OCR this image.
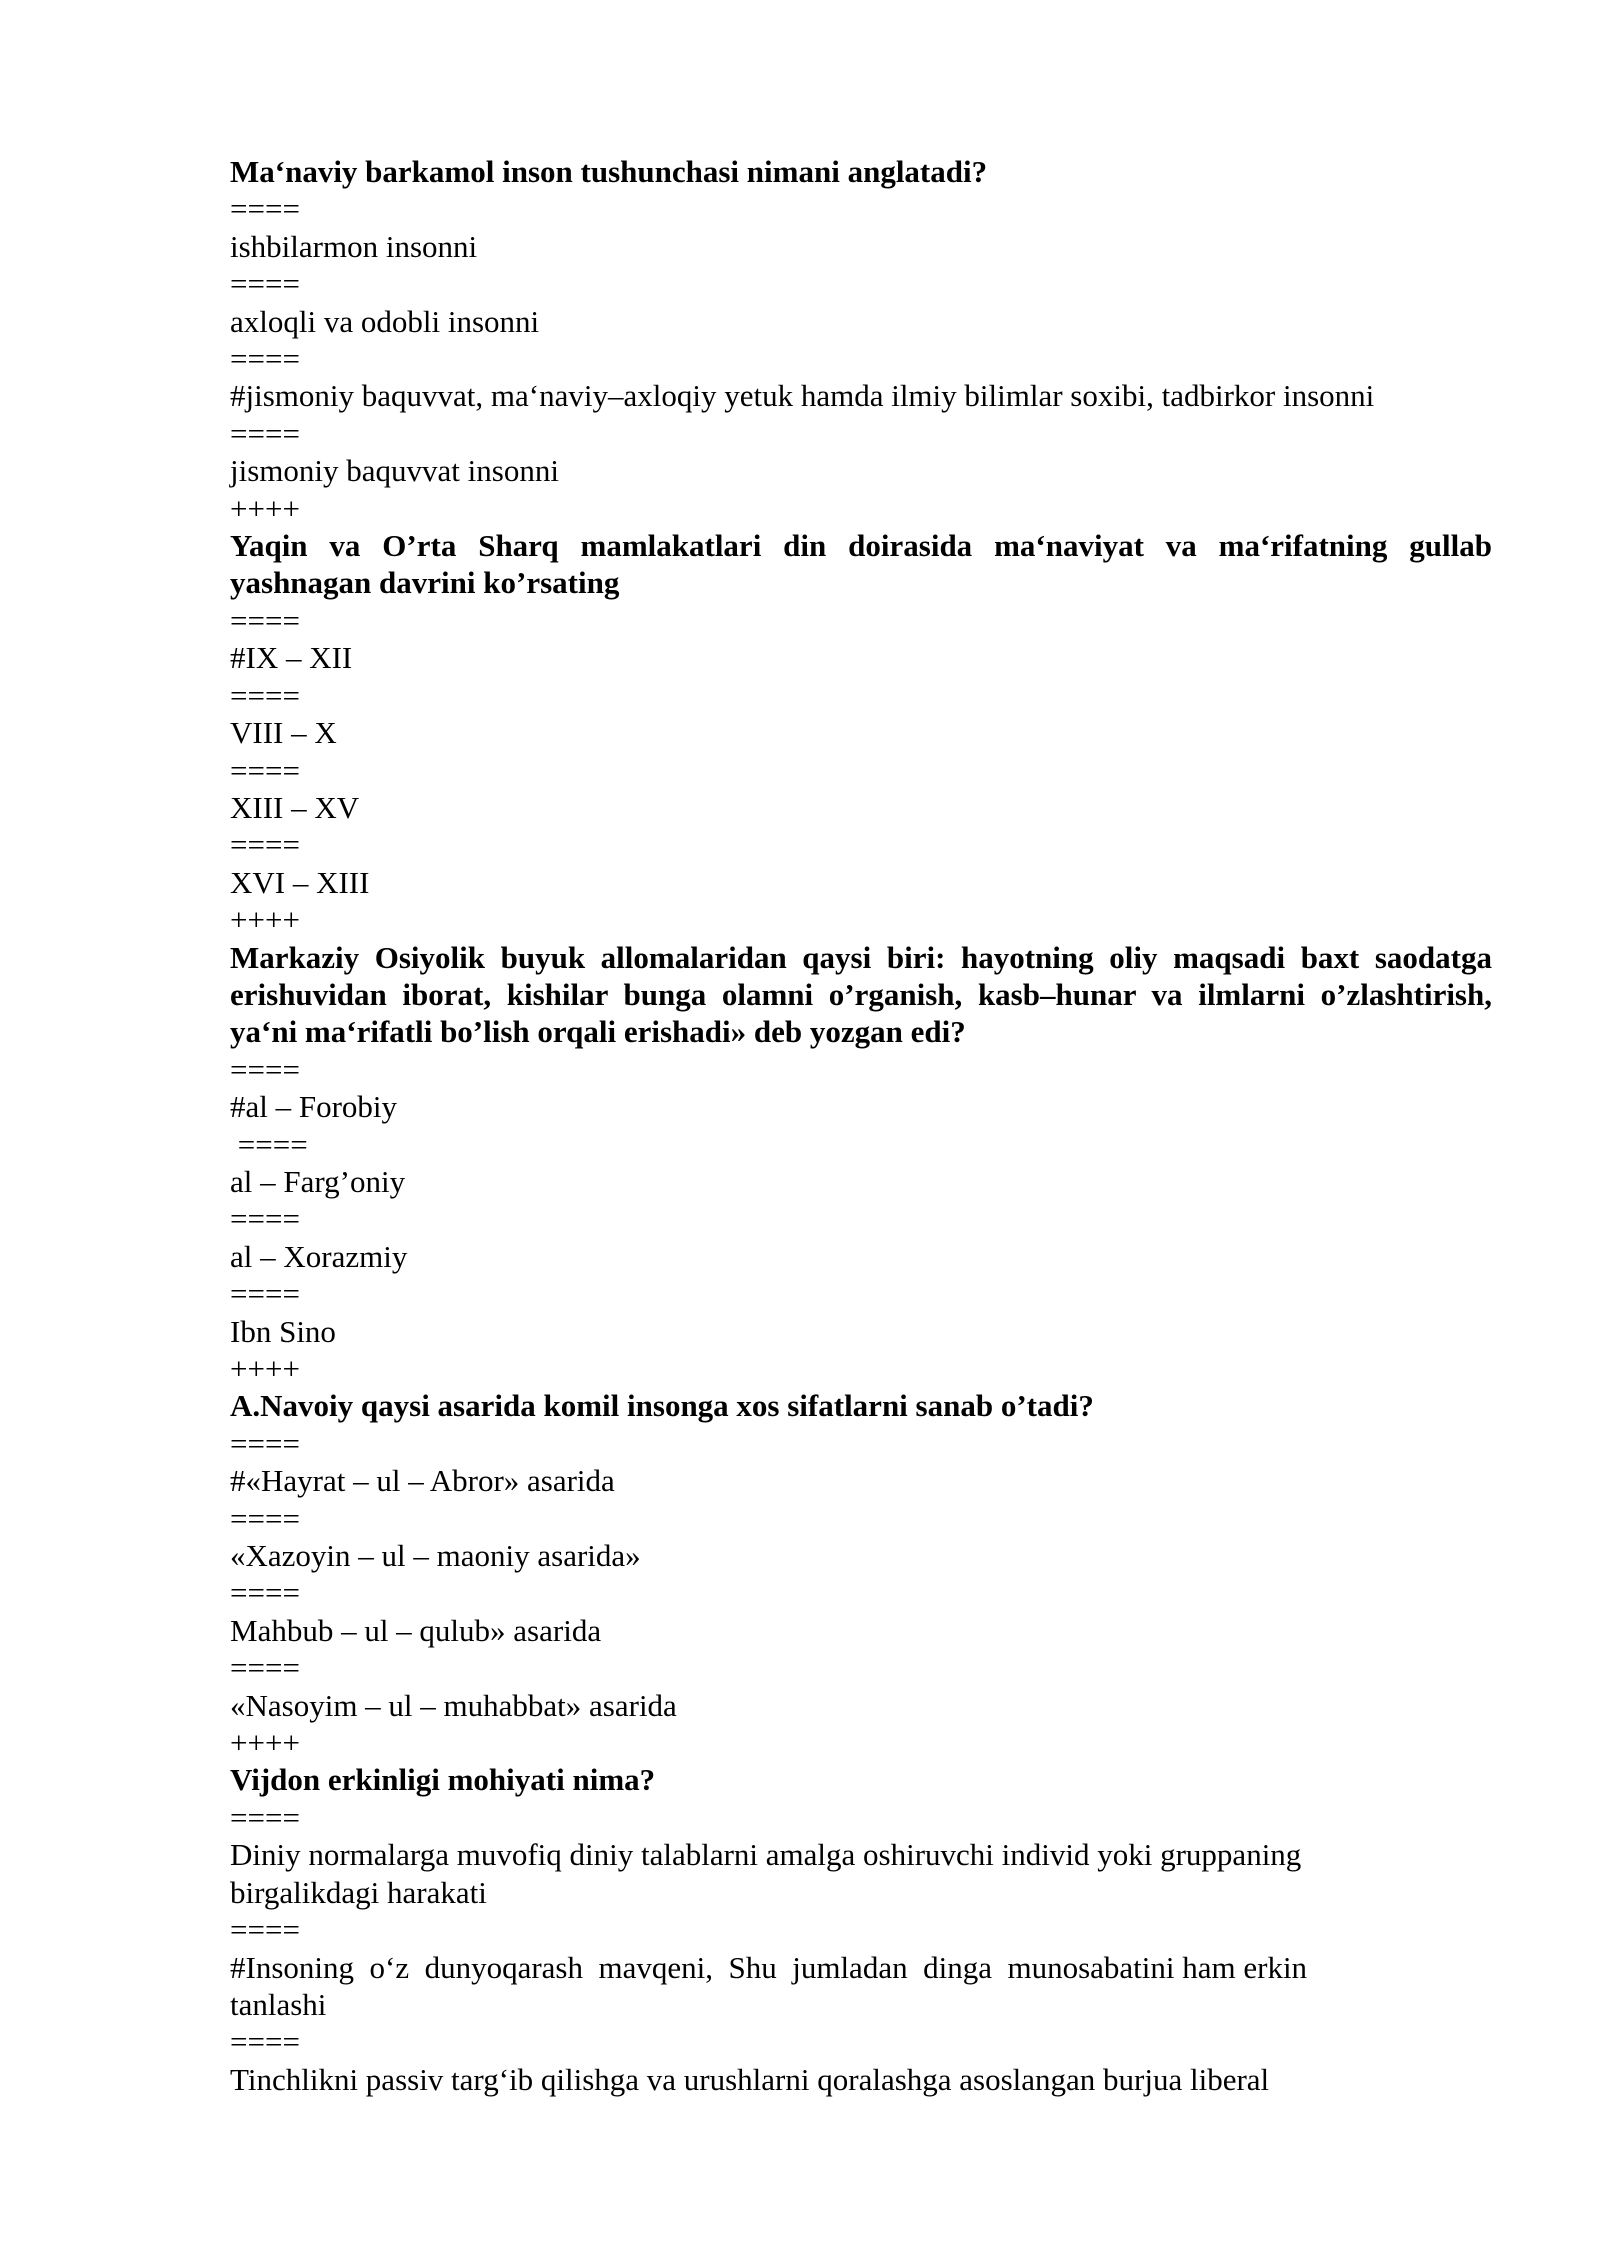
Ma‘naviy barkamol inson tushunchasi nimani anglatadi?
====
ishbilarmon insonni
====
axloqli va odobli insonni
====
#jismoniy baquvvat, ma‘naviy–axloqiy yetuk hamda ilmiy bilimlar soxibi, tadbirkor insonni
====
jismoniy baquvvat insonni
++++
Yaqin va O’rta Sharq mamlakatlari din doirasida ma‘naviyat va ma‘rifatning gullab yashnagan davrini ko’rsating
====
#IX – XII
====
VIII – X
====
XIII – XV
====
XVI – XIII
++++
Markaziy Osiyolik buyuk allomalaridan qaysi biri: hayotning oliy maqsadi baxt saodatga erishuvidan iborat, kishilar bunga olamni o’rganish, kasb–hunar va ilmlarni o’zlashtirish, ya‘ni ma‘rifatli bo’lish orqali erishadi» deb yozgan edi?
====
#al – Forobiy
====
al – Farg’oniy
====
al – Xorazmiy
====
Ibn Sino
++++
A.Navoiy qaysi asarida komil insonga xos sifatlarni sanab o’tadi?
====
#«Hayrat – ul – Abror» asarida
====
«Xazoyin – ul – maoniy asarida»
====
Mahbub – ul – qulub» asarida
====
«Nasoyim – ul – muhabbat» asarida
++++
Vijdon erkinligi mohiyati nima?
====
Diniy normalarga muvofiq diniy talablarni amalga oshiruvchi individ yoki gruppaning birgalikdagi harakati
====
#Insoning  o‘z  dunyoqarash  mavqeni,  Shu  jumladan  dinga  munosabatini ham erkin tanlashi
====
Tinchlikni passiv targ‘ib qilishga va urushlarni qoralashga asoslangan burjua liberal
